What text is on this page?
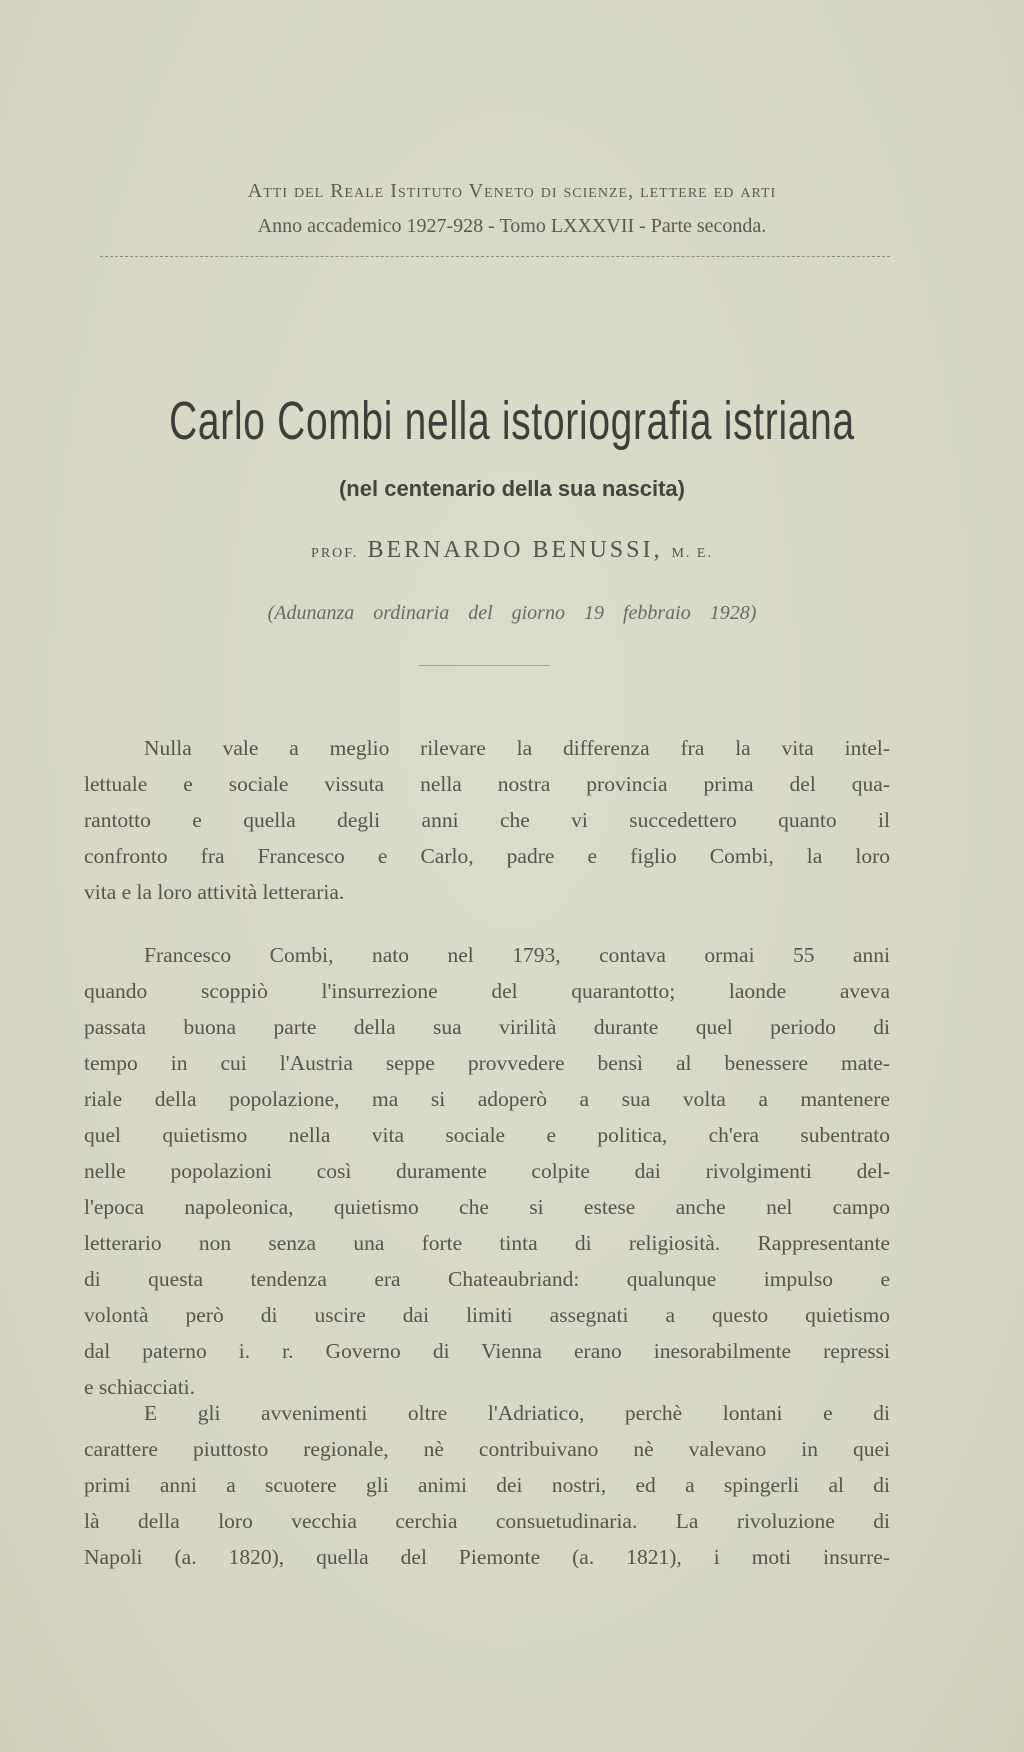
Atti del Reale Istituto Veneto di scienze, lettere ed arti
Anno accademico 1927-928 - Tomo LXXXVII - Parte seconda.
Carlo Combi nella istoriografia istriana
(nel centenario della sua nascita)
PROF. BERNARDO BENUSSI, M. E.
(Adunanza ordinaria del giorno 19 febbraio 1928)
Nulla vale a meglio rilevare la differenza fra la vita intel-
lettuale e sociale vissuta nella nostra provincia prima del qua-
rantotto e quella degli anni che vi succedettero quanto il
confronto fra Francesco e Carlo, padre e figlio Combi, la loro
vita e la loro attività letteraria.
Francesco Combi, nato nel 1793, contava ormai 55 anni
quando scoppiò l'insurrezione del quarantotto; laonde aveva
passata buona parte della sua virilità durante quel periodo di
tempo in cui l'Austria seppe provvedere bensì al benessere mate-
riale della popolazione, ma si adoperò a sua volta a mantenere
quel quietismo nella vita sociale e politica, ch'era subentrato
nelle popolazioni così duramente colpite dai rivolgimenti del-
l'epoca napoleonica, quietismo che si estese anche nel campo
letterario non senza una forte tinta di religiosità. Rappresentante
di questa tendenza era Chateaubriand: qualunque impulso e
volontà però di uscire dai limiti assegnati a questo quietismo
dal paterno i. r. Governo di Vienna erano inesorabilmente repressi
e schiacciati.
E gli avvenimenti oltre l'Adriatico, perchè lontani e di
carattere piuttosto regionale, nè contribuivano nè valevano in quei
primi anni a scuotere gli animi dei nostri, ed a spingerli al di
là della loro vecchia cerchia consuetudinaria. La rivoluzione di
Napoli (a. 1820), quella del Piemonte (a. 1821), i moti insurre-
